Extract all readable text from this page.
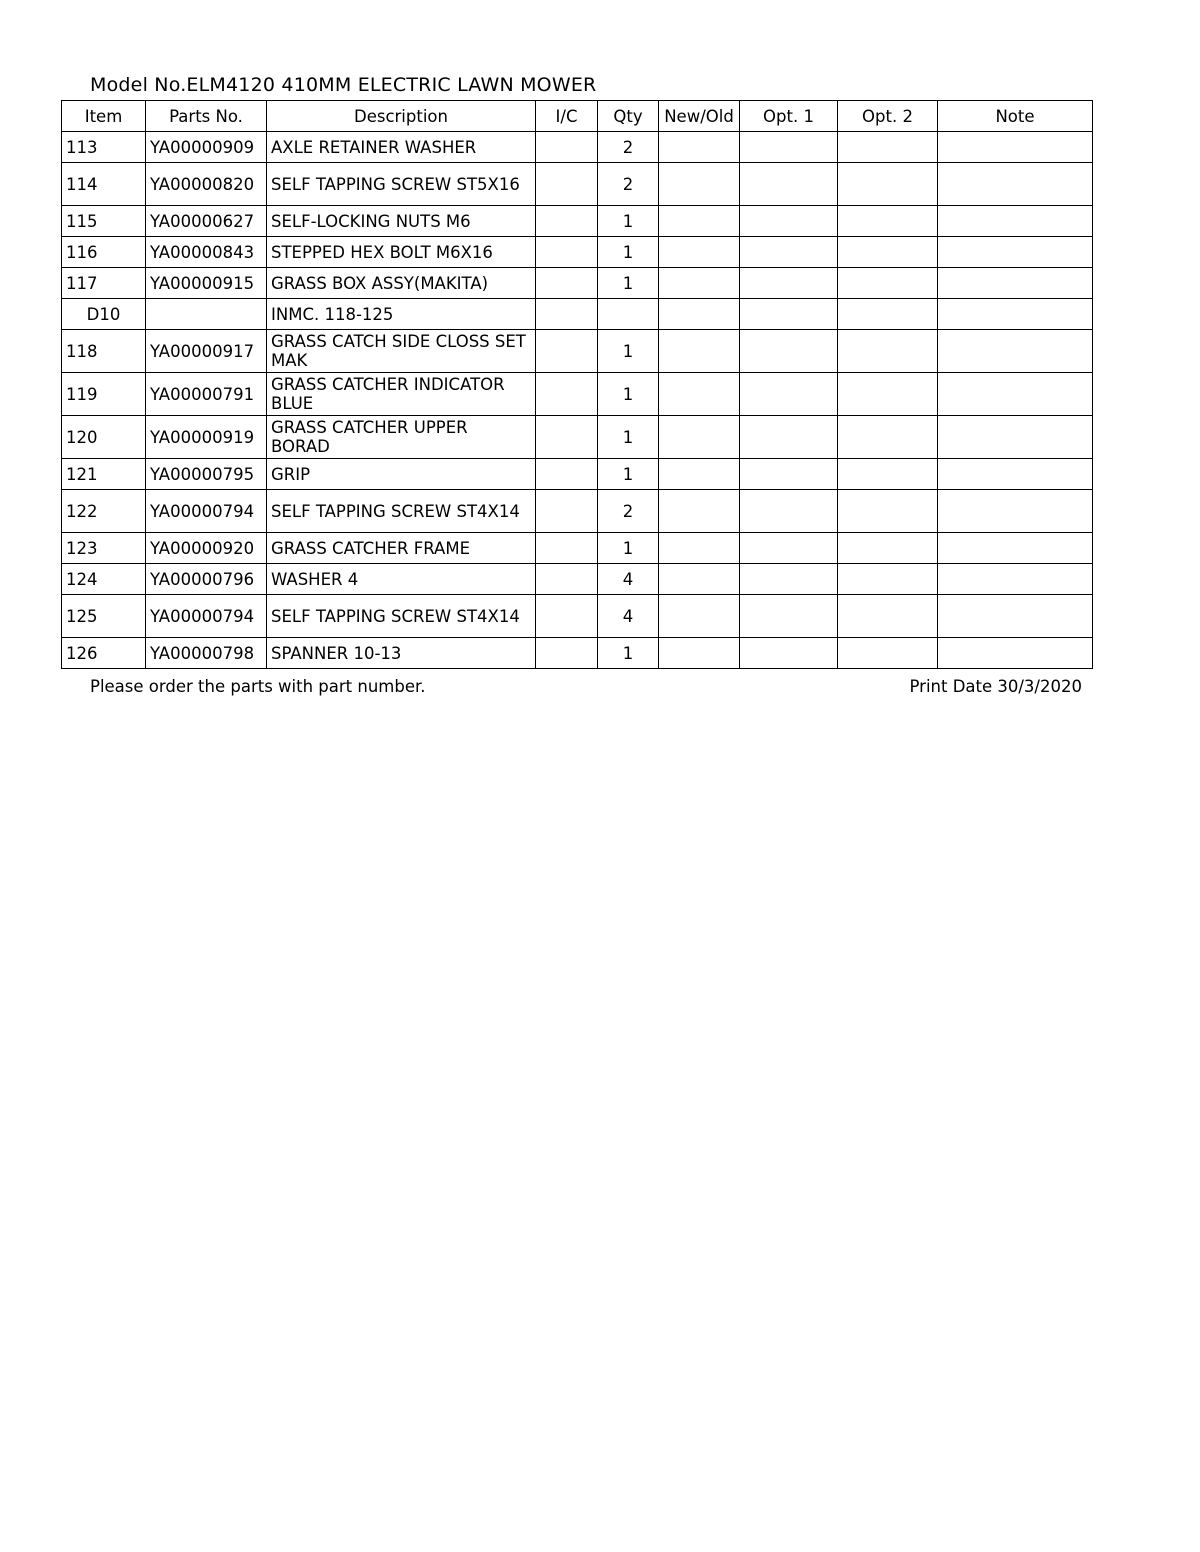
Model No.ELM4120 410MM ELECTRIC LAWN MOWER
Item	Parts No.	Description	I/C	Qty	New/Old	Opt. 1	Opt. 2	Note
113	YA00000909	AXLE RETAINER WASHER		2				
114	YA00000820	SELF TAPPING SCREW ST5X16		2				
115	YA00000627	SELF-LOCKING NUTS M6		1				
116	YA00000843	STEPPED HEX BOLT M6X16		1				
117	YA00000915	GRASS BOX ASSY(MAKITA)		1				
D10		INMC. 118-125						
118	YA00000917	GRASS CATCH SIDE CLOSS SET MAK		1				
119	YA00000791	GRASS CATCHER INDICATOR BLUE		1				
120	YA00000919	GRASS CATCHER UPPER BORAD		1				
121	YA00000795	GRIP		1				
122	YA00000794	SELF TAPPING SCREW ST4X14		2				
123	YA00000920	GRASS CATCHER FRAME		1				
124	YA00000796	WASHER 4		4				
125	YA00000794	SELF TAPPING SCREW ST4X14		4				
126	YA00000798	SPANNER 10-13		1				
Please order the parts with part number.	Print Date 30/3/2020
